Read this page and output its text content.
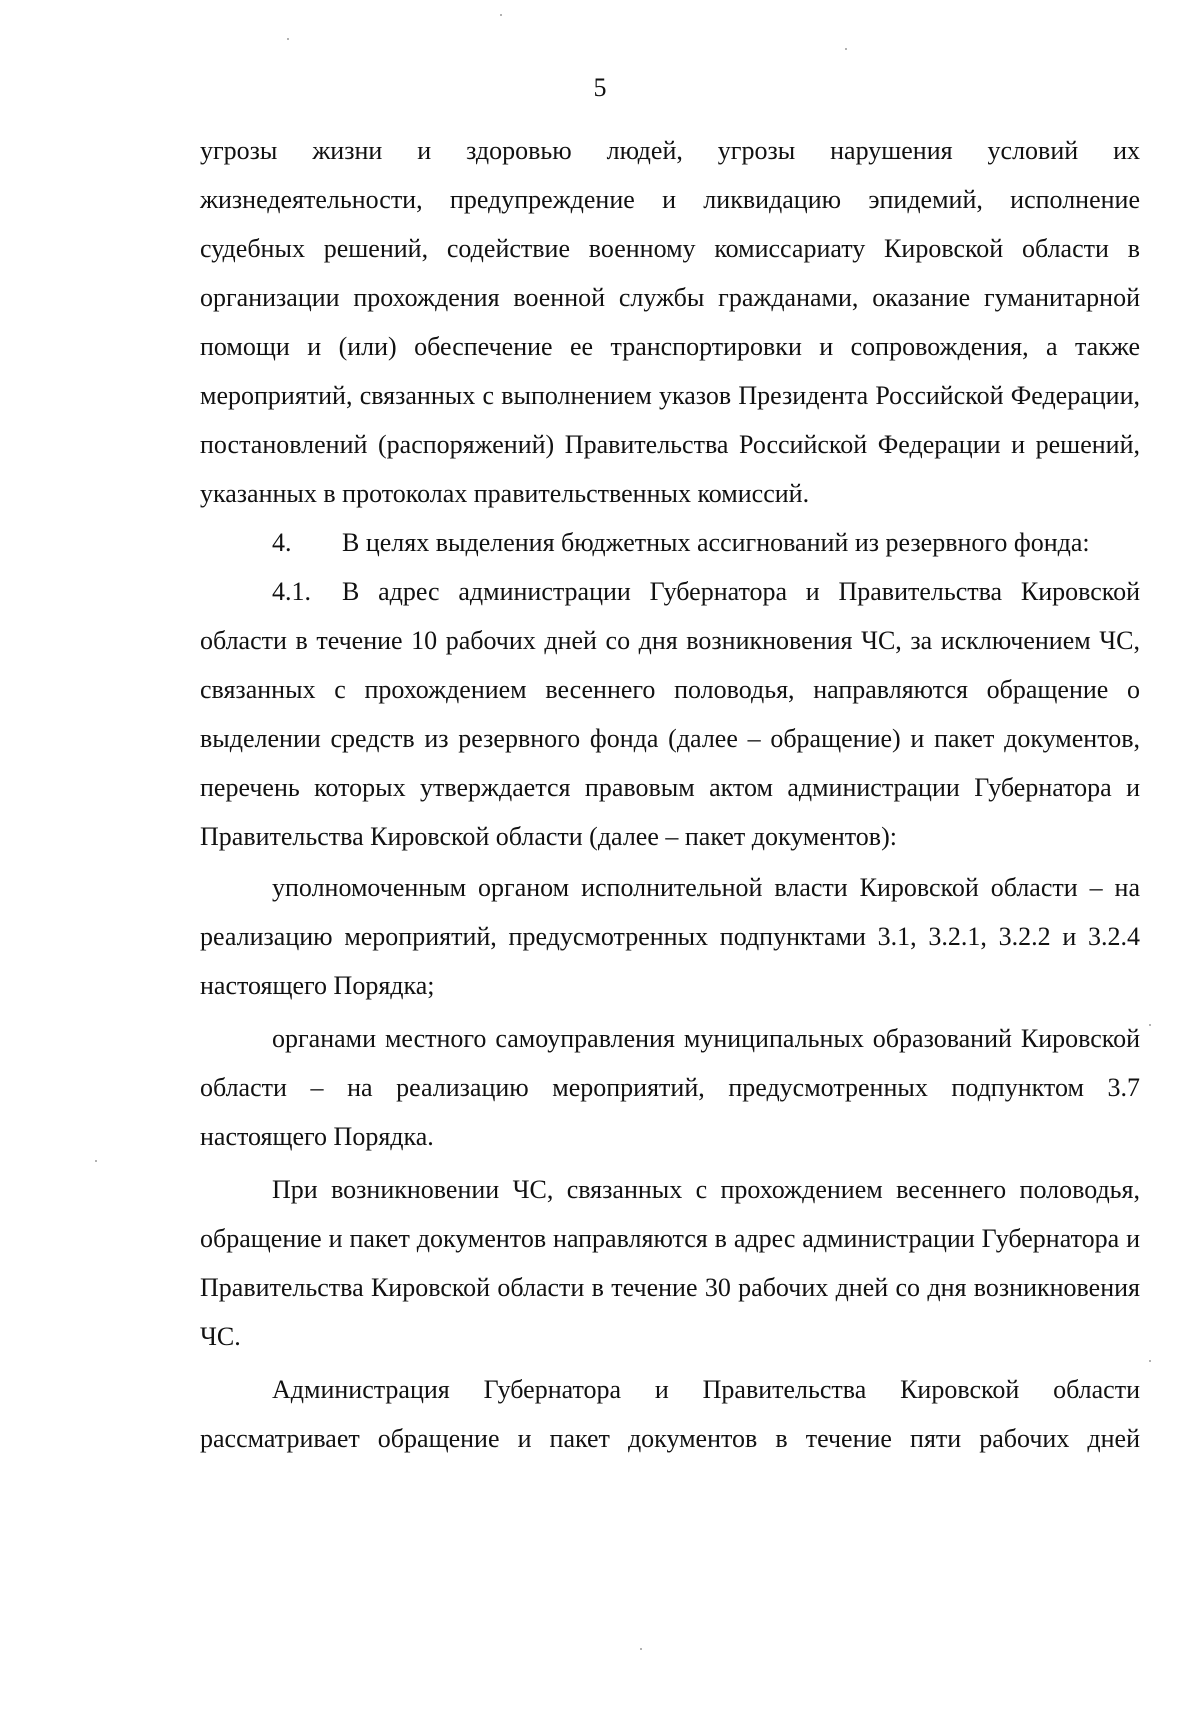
5

угрозы жизни и здоровью людей, угрозы нарушения условий их жизнедеятельности, предупреждение и ликвидацию эпидемий, исполнение судебных решений, содействие военному комиссариату Кировской области в организации прохождения военной службы гражданами, оказание гуманитарной помощи и (или) обеспечение ее транспортировки и сопровождения, а также мероприятий, связанных с выполнением указов Президента Российской Федерации, постановлений (распоряжений) Правительства Российской Федерации и решений, указанных в протоколах правительственных комиссий.

4. В целях выделения бюджетных ассигнований из резервного фонда:

4.1. В адрес администрации Губернатора и Правительства Кировской области в течение 10 рабочих дней со дня возникновения ЧС, за исключением ЧС, связанных с прохождением весеннего половодья, направляются обращение о выделении средств из резервного фонда (далее – обращение) и пакет документов, перечень которых утверждается правовым актом администрации Губернатора и Правительства Кировской области (далее – пакет документов):

уполномоченным органом исполнительной власти Кировской области – на реализацию мероприятий, предусмотренных подпунктами 3.1, 3.2.1, 3.2.2 и 3.2.4 настоящего Порядка;

органами местного самоуправления муниципальных образований Кировской области – на реализацию мероприятий, предусмотренных подпунктом 3.7 настоящего Порядка.

При возникновении ЧС, связанных с прохождением весеннего половодья, обращение и пакет документов направляются в адрес администрации Губернатора и Правительства Кировской области в течение 30 рабочих дней со дня возникновения ЧС.

Администрация Губернатора и Правительства Кировской области рассматривает обращение и пакет документов в течение пяти рабочих дней
